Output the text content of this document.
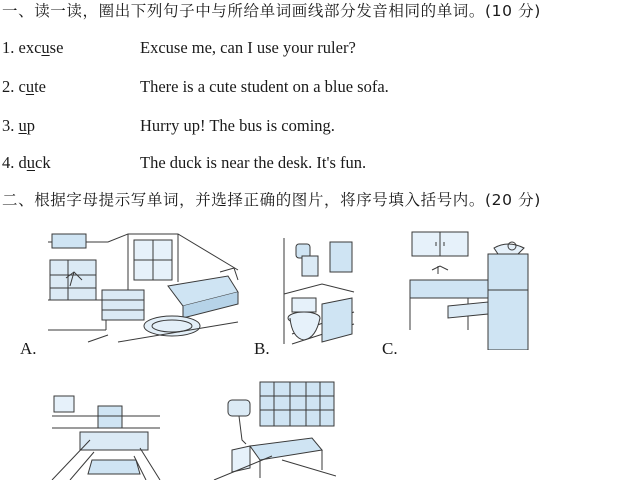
一、读一读，圈出下列句子中与所给单词画线部分发音相同的单词。(10 分)
1. excuse	Excuse me, can I use your ruler?
2. cute	There is a cute student on a blue sofa.
3. up	Hurry up! The bus is coming.
4. duck	The duck is near the desk. It's fun.
二、根据字母提示写单词，并选择正确的图片，将序号填入括号内。(20 分)
A.	B.	C.
